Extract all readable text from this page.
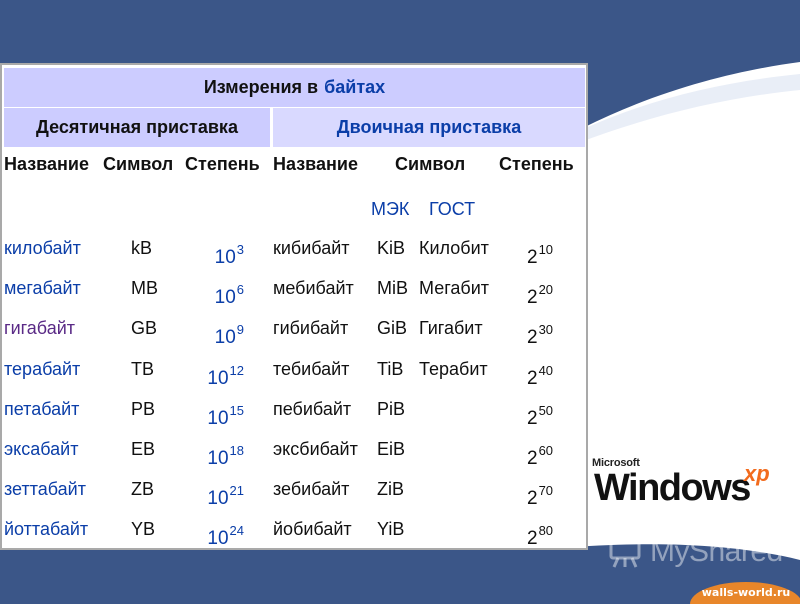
Microsoft
Windows
xp
MyShared
walls-world.ru
Измерения в байтах
Десятичная приставка	Двоичная приставка
Название Символ Степень Название Символ Степень
МЭК ГОСТ
килобайт	kB	$10^3$ кибибайт KiB Килобит $2^{10}$
мегабайт	MB	$10^6$ мебибайт MiB Мегабит $2^{20}$
гигабайт	GB	$10^9$ гибибайт GiB Гигабит $2^{30}$
терабайт	TB	$10^{12}$ тебибайт TiB Терабит $2^{40}$
петабайт	PB	$10^{15}$ пебибайт PiB	$2^{50}$
эксабайт	EB	$10^{18}$ эксбибайт EiB	$2^{60}$
зеттабайт	ZB	$10^{21}$ зебибайт ZiB	$2^{70}$
йоттабайт YB	$10^{24}$ йобибайт YiB	$2^{80}$
